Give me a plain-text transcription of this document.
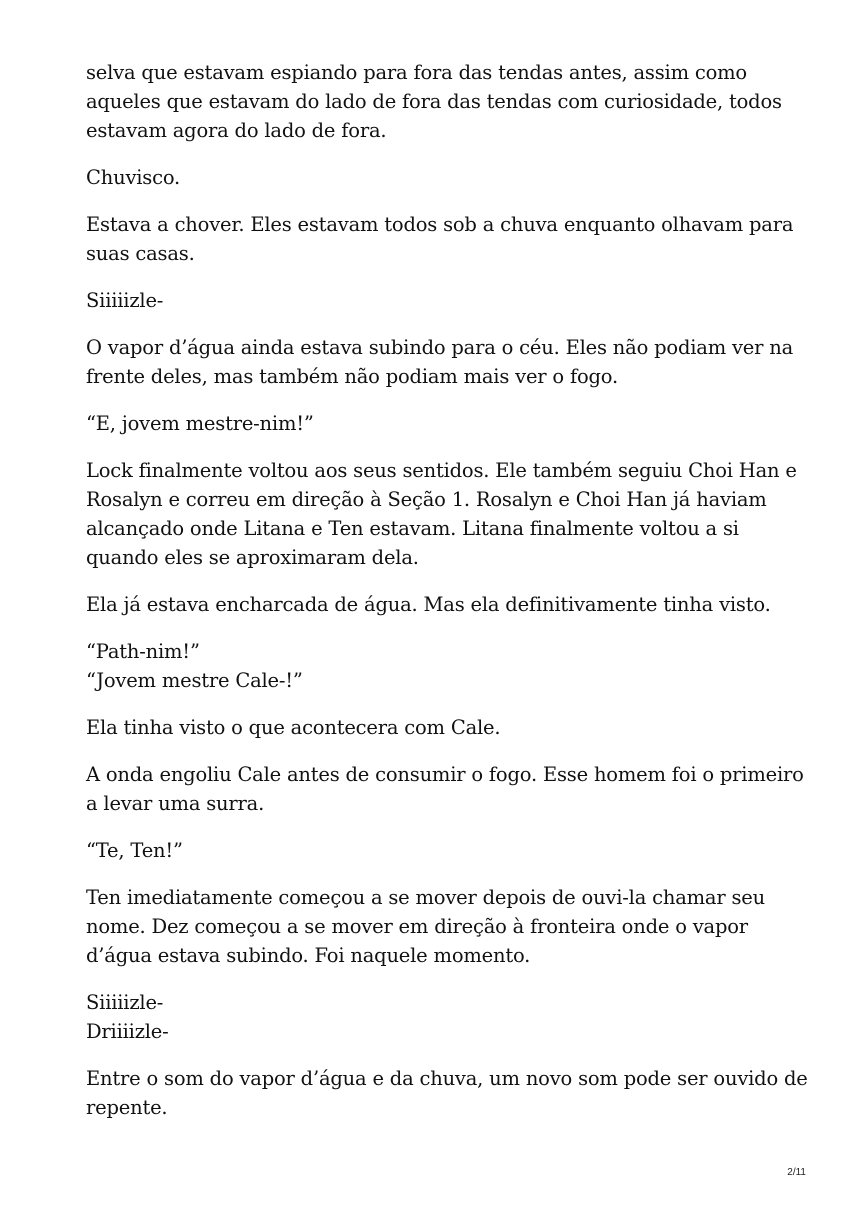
selva que estavam espiando para fora das tendas antes, assim como
aqueles que estavam do lado de fora das tendas com curiosidade, todos
estavam agora do lado de fora.

Chuvisco.

Estava a chover. Eles estavam todos sob a chuva enquanto olhavam para
suas casas.

Siiiiizle-

O vapor d’água ainda estava subindo para o céu. Eles não podiam ver na
frente deles, mas também não podiam mais ver o fogo.

“E, jovem mestre-nim!”

Lock finalmente voltou aos seus sentidos. Ele também seguiu Choi Han e
Rosalyn e correu em direção à Seção 1. Rosalyn e Choi Han já haviam
alcançado onde Litana e Ten estavam. Litana finalmente voltou a si
quando eles se aproximaram dela.

Ela já estava encharcada de água. Mas ela definitivamente tinha visto.

“Path-nim!”
“Jovem mestre Cale-!”

Ela tinha visto o que acontecera com Cale.

A onda engoliu Cale antes de consumir o fogo. Esse homem foi o primeiro
a levar uma surra.

“Te, Ten!”

Ten imediatamente começou a se mover depois de ouvi-la chamar seu
nome. Dez começou a se mover em direção à fronteira onde o vapor
d’água estava subindo. Foi naquele momento.

Siiiiizle-
Driiiizle-

Entre o som do vapor d’água e da chuva, um novo som pode ser ouvido de
repente.

2/11
